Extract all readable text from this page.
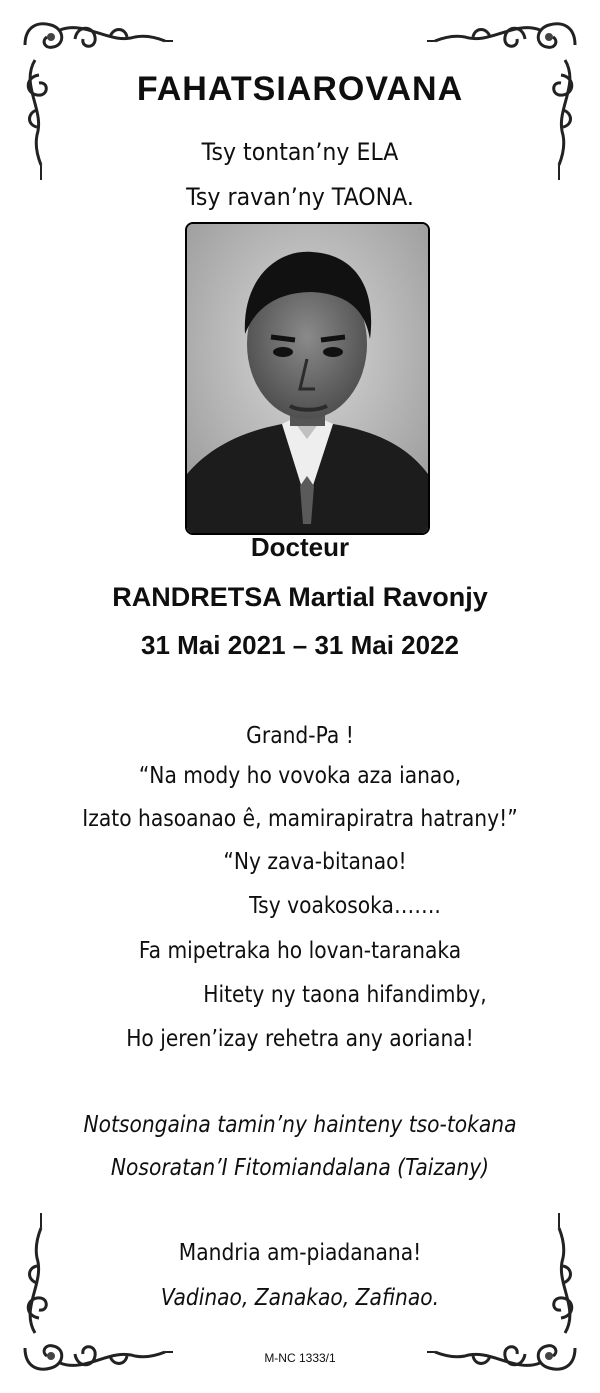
FAHATSIAROVANA
Tsy tontan’ny ELA
Tsy ravan’ny TAONA.
Docteur
RANDRETSA Martial Ravonjy
31 Mai 2021 – 31 Mai 2022
Grand-Pa !
“Na mody ho vovoka aza ianao,
Izato hasoanao ê, mamirapiratra hatrany!”
“Ny zava-bitanao!
Tsy voakosoka…….
Fa mipetraka ho lovan-taranaka
Hitety ny taona hifandimby,
Ho jeren’izay rehetra any aoriana!
Notsongaina tamin’ny hainteny tso-tokana
Nosoratan’I Fitomiandalana (Taizany)
Mandria am-piadanana!
Vadinao, Zanakao, Zafinao.
M-NC 1333/1
